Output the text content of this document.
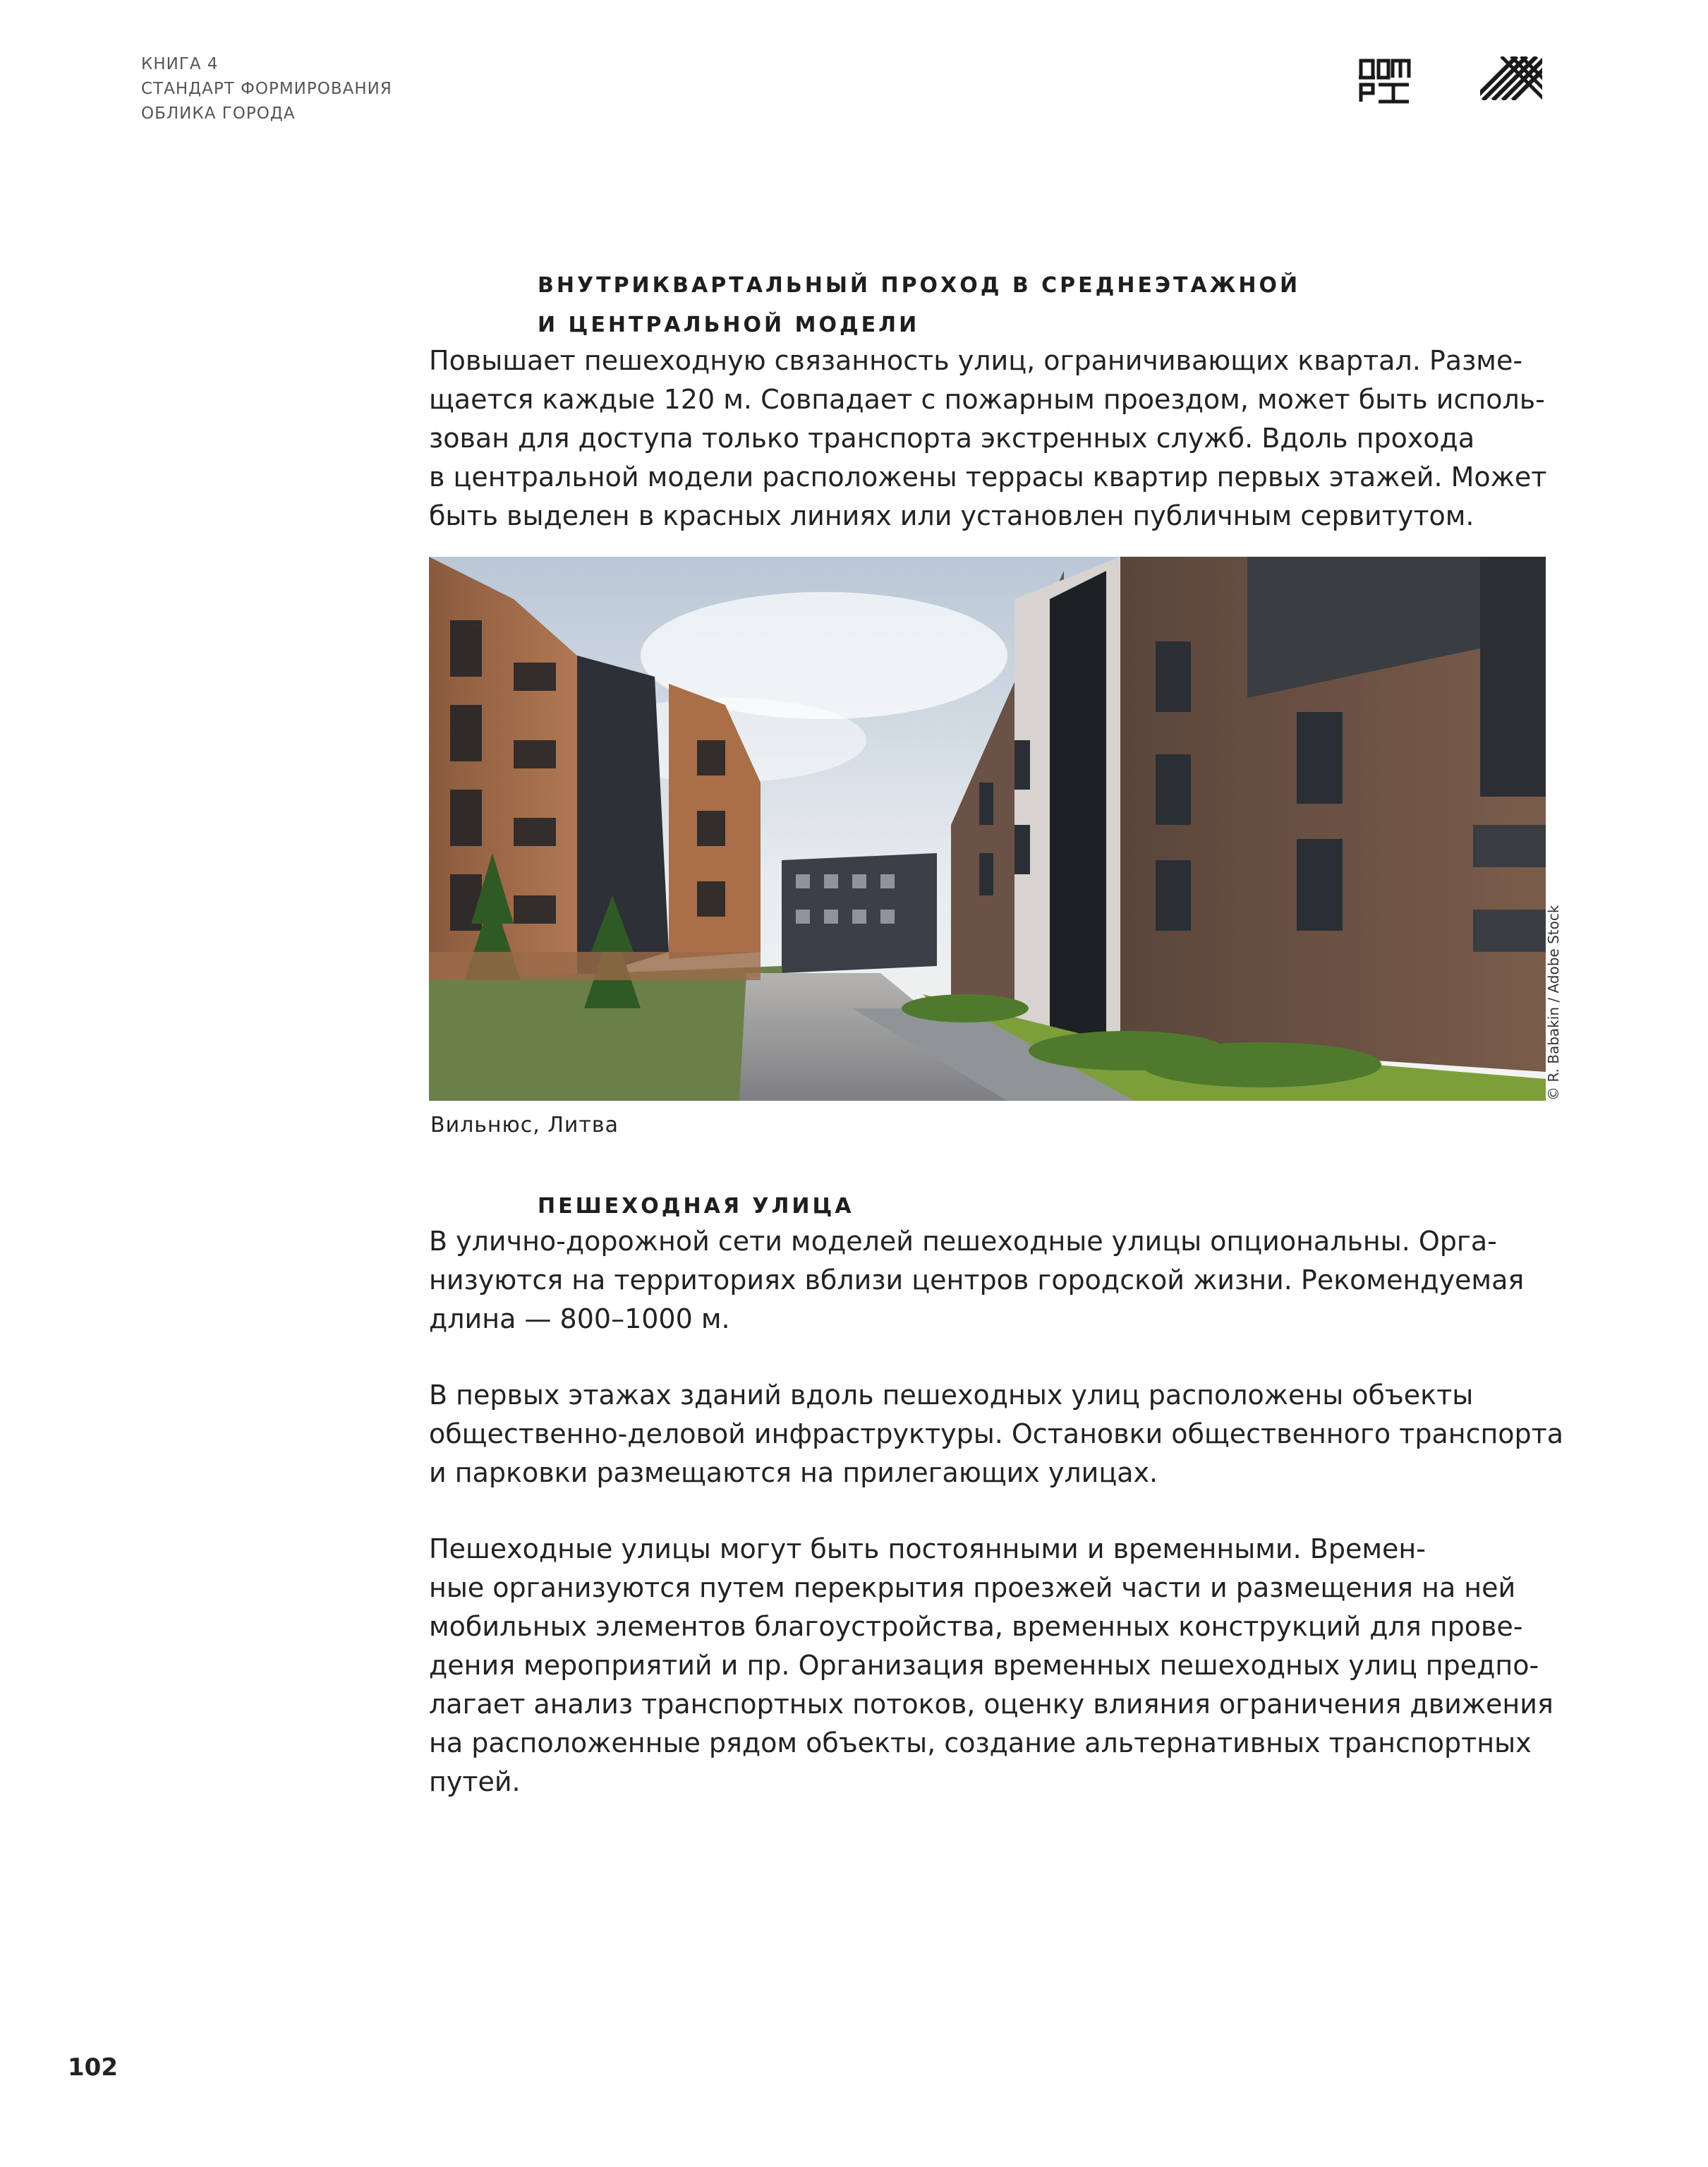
КНИГА 4
СТАНДАРТ ФОРМИРОВАНИЯ
ОБЛИКА ГОРОДА
ВНУТРИКВАРТАЛЬНЫЙ ПРОХОД В СРЕДНЕЭТАЖНОЙ
И ЦЕНТРАЛЬНОЙ МОДЕЛИ
Повышает пешеходную связанность улиц, ограничивающих квартал. Разме-
щается каждые 120 м. Совпадает с пожарным проездом, может быть исполь-
зован для доступа только транспорта экстренных служб. Вдоль прохода
в центральной модели расположены террасы квартир первых этажей. Может
быть выделен в красных линиях или установлен публичным сервитутом.
© R. Babakin / Adobe Stock
Вильнюс, Литва
ПЕШЕХОДНАЯ УЛИЦА
В улично-дорожной сети моделей пешеходные улицы опциональны. Орга-
низуются на территориях вблизи центров городской жизни. Рекомендуемая
длина — 800–1000 м.
В первых этажах зданий вдоль пешеходных улиц расположены объекты
общественно-деловой инфраструктуры. Остановки общественного транспорта
и парковки размещаются на прилегающих улицах.
Пешеходные улицы могут быть постоянными и временными. Времен-
ные организуются путем перекрытия проезжей части и размещения на ней
мобильных элементов благоустройства, временных конструкций для прове-
дения мероприятий и пр. Организация временных пешеходных улиц предпо-
лагает анализ транспортных потоков, оценку влияния ограничения движения
на расположенные рядом объекты, создание альтернативных транспортных
путей.
102
